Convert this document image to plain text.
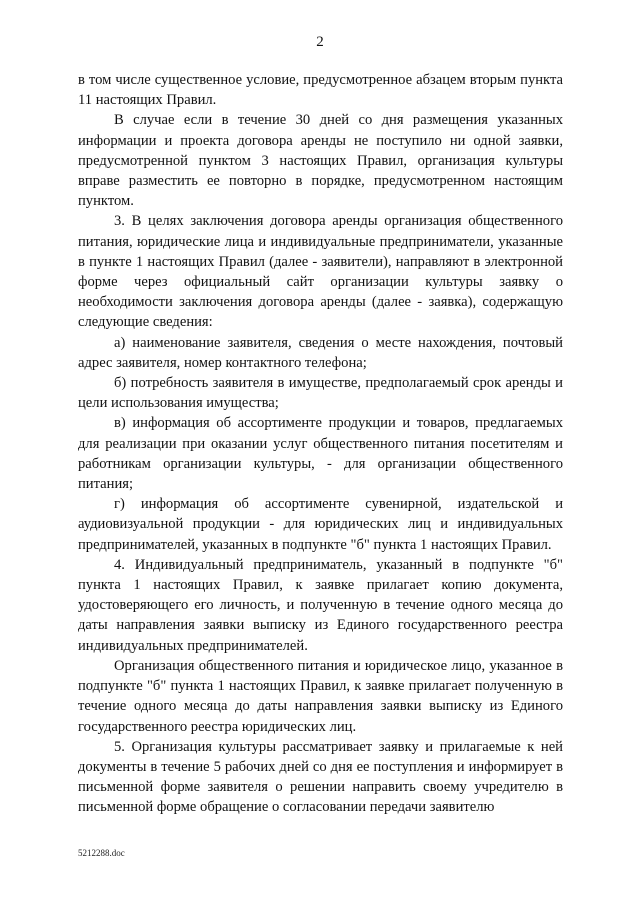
2

в том числе существенное условие, предусмотренное абзацем вторым пункта 11 настоящих Правил.

В случае если в течение 30 дней со дня размещения указанных информации и проекта договора аренды не поступило ни одной заявки, предусмотренной пунктом 3 настоящих Правил, организация культуры вправе разместить ее повторно в порядке, предусмотренном настоящим пунктом.

3. В целях заключения договора аренды организация общественного питания, юридические лица и индивидуальные предприниматели, указанные в пункте 1 настоящих Правил (далее - заявители), направляют в электронной форме через официальный сайт организации культуры заявку о необходимости заключения договора аренды (далее - заявка), содержащую следующие сведения:

а) наименование заявителя, сведения о месте нахождения, почтовый адрес заявителя, номер контактного телефона;

б) потребность заявителя в имуществе, предполагаемый срок аренды и цели использования имущества;

в) информация об ассортименте продукции и товаров, предлагаемых для реализации при оказании услуг общественного питания посетителям и работникам организации культуры, - для организации общественного питания;

г) информация об ассортименте сувенирной, издательской и аудиовизуальной продукции - для юридических лиц и индивидуальных предпринимателей, указанных в подпункте "б" пункта 1 настоящих Правил.

4. Индивидуальный предприниматель, указанный в подпункте "б" пункта 1 настоящих Правил, к заявке прилагает копию документа, удостоверяющего его личность, и полученную в течение одного месяца до даты направления заявки выписку из Единого государственного реестра индивидуальных предпринимателей.

Организация общественного питания и юридическое лицо, указанное в подпункте "б" пункта 1 настоящих Правил, к заявке прилагает полученную в течение одного месяца до даты направления заявки выписку из Единого государственного реестра юридических лиц.

5. Организация культуры рассматривает заявку и прилагаемые к ней документы в течение 5 рабочих дней со дня ее поступления и информирует в письменной форме заявителя о решении направить своему учредителю в письменной форме обращение о согласовании передачи заявителю

5212288.doc
